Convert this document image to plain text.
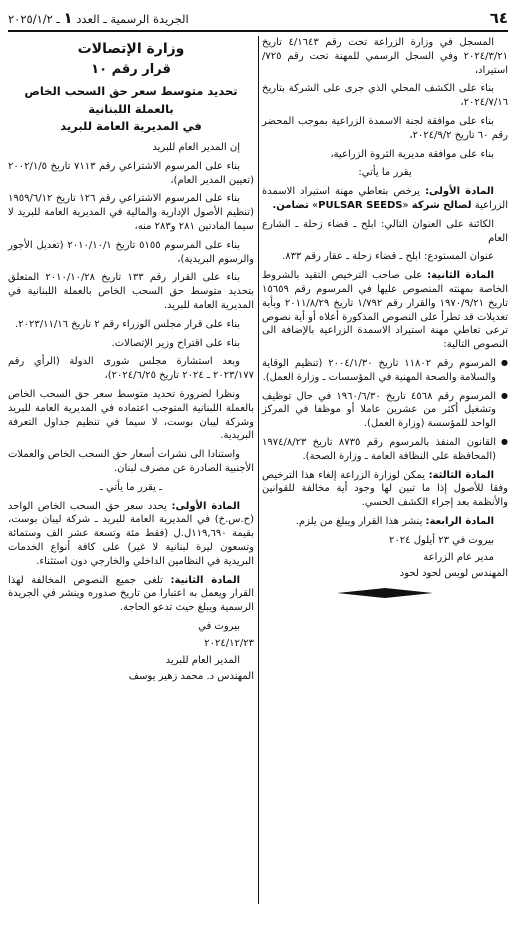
٦٤
الجريدة الرسمية ـ العدد ١ ـ ٢٠٢٥/١/٢

المسجل في وزارة الزراعة تحت رقم ٤/١٦٤٣ تاريخ ٢٠٢٤/٣/٢١ وفي السجل الرسمي للمهنة تحت رقم ٧٢٥/استيراد،

بناء على الكشف المحلي الذي جرى على الشركة بتاريخ ٢٠٢٤/٧/١٦،

بناء على موافقة لجنة الاسمدة الزراعية بموجب المحضر رقم ٦٠ تاريخ ٢٠٢٤/٩/٢،

بناء على موافقة مديرية الثروة الزراعية،

يقرر ما يأتي:

المادة الأولى: يرخص بتعاطي مهنة استيراد الاسمدة الزراعية لصالح شركة «PULSAR SEEDS» تضامن.

الكائنة على العنوان التالي: ابلح ـ قضاء زحلة ـ الشارع العام

عنوان المستودع: ابلح ـ قضاء زحلة ـ عقار رقم ٨٣٣.

المادة الثانية: على صاحب الترخيص التقيد بالشروط الخاصة بمهنته المنصوص عليها في المرسوم رقم ١٥٦٥٩ تاريخ ١٩٧٠/٩/٢١ والقرار رقم ١/٧٩٢ تاريخ ٢٠١١/٨/٢٩ وبأية تعديلات قد تطرأ على النصوص المذكورة أعلاه أو أية نصوص ترعى تعاطي مهنة استيراد الاسمدة الزراعية بالإضافة الى النصوص التالية:

● المرسوم رقم ١١٨٠٢ تاريخ ٢٠٠٤/١/٣٠ (تنظيم الوقاية والسلامة والصحة المهنية في المؤسسات ـ وزارة العمل).
● المرسوم رقم ٤٥٦٨ تاريخ ١٩٦٠/٦/٣٠ في حال توظيف وتشغيل أكثر من عشرين عاملا أو موظفا في المركز الواحد للمؤسسة (وزارة العمل).
● القانون المنفذ بالمرسوم رقم ٨٧٣٥ تاريخ ١٩٧٤/٨/٢٣ (المحافظة على النظافة العامة ـ وزارة الصحة).

المادة الثالثة: يمكن لوزارة الزراعة إلغاء هذا الترخيص وفقا للأصول إذا ما تبين لها وجود أية مخالفة للقوانين والأنظمة بعد إجراء الكشف الحسي.

المادة الرابعة: ينشر هذا القرار ويبلغ من يلزم.

بيروت في ٢٣ أيلول ٢٠٢٤

مدير عام الزراعة

المهندس لويس لحود لحود

وزارة الإتصالات
قرار رقم ١٠
تحديد متوسط سعر حق السحب الخاص
بالعملة اللبنانية
في المديرية العامة للبريد

إن المدير العام للبريد

بناء على المرسوم الاشتراعي رقم ٧١١٣ تاريخ ٢٠٠٢/١/٥ (تعيين المدير العام)،

بناء على المرسوم الاشتراعي رقم ١٢٦ تاريخ ١٩٥٩/٦/١٢ (تنظيم الأصول الإدارية والمالية في المديرية العامة للبريد لا سيما المادتين ٢٨١ و٢٨٣ منه،

بناء على المرسوم ٥١٥٥ تاريخ ٢٠١٠/١٠/١ (تعديل الأجور والرسوم البريدية)،

بناء على القرار رقم ١٣٣ تاريخ ٢٠١٠/١٠/٢٨ المتعلق بتحديد متوسط حق السحب الخاص بالعملة اللبنانية في المديرية العامة للبريد.

بناء على قرار مجلس الوزراء رقم ٢ تاريخ ٢٠٢٣/١١/١٦.

بناء على اقتراح وزير الإتصالات.

وبعد استشارة مجلس شورى الدولة (الرأي رقم ٢٠٢٣/١٧٧ ـ ٢٠٢٤ تاريخ ٢٠٢٤/٦/٢٥)،

ونظرا لضرورة تحديد متوسط سعر حق السحب الخاص بالعملة اللبنانية المتوجب اعتماده في المديرية العامة للبريد وشركة ليبان بوست، لا سيما في تنظيم جداول التعرفة البريدية.

واستنادا الى نشرات أسعار حق السحب الخاص والعملات الأجنبية الصادرة عن مصرف لبنان.

ـ يقرر ما يأتي ـ

المادة الأولى: يحدد سعر حق السحب الخاص الواحد (ح.س.خ) في المديرية العامة للبريد ـ شركة ليبان بوست، بقيمة ١١٩,٦٩٠ل.ل (فقط مئة وتسعة عشر الف وستمائة وتسعون ليرة لبنانية لا غير) على كافة أنواع الخدمات البريدية في النظامين الداخلي والخارجي دون استثناء.

المادة الثانية: تلغى جميع النصوص المخالفة لهذا القرار ويعمل به اعتبارا من تاريخ صدوره وينشر في الجريدة الرسمية ويبلغ حيث تدعو الحاجة.

بيروت في

٢٠٢٤/١٢/٢٣

المدير العام للبريد

المهندس د. محمد زهير يوسف
